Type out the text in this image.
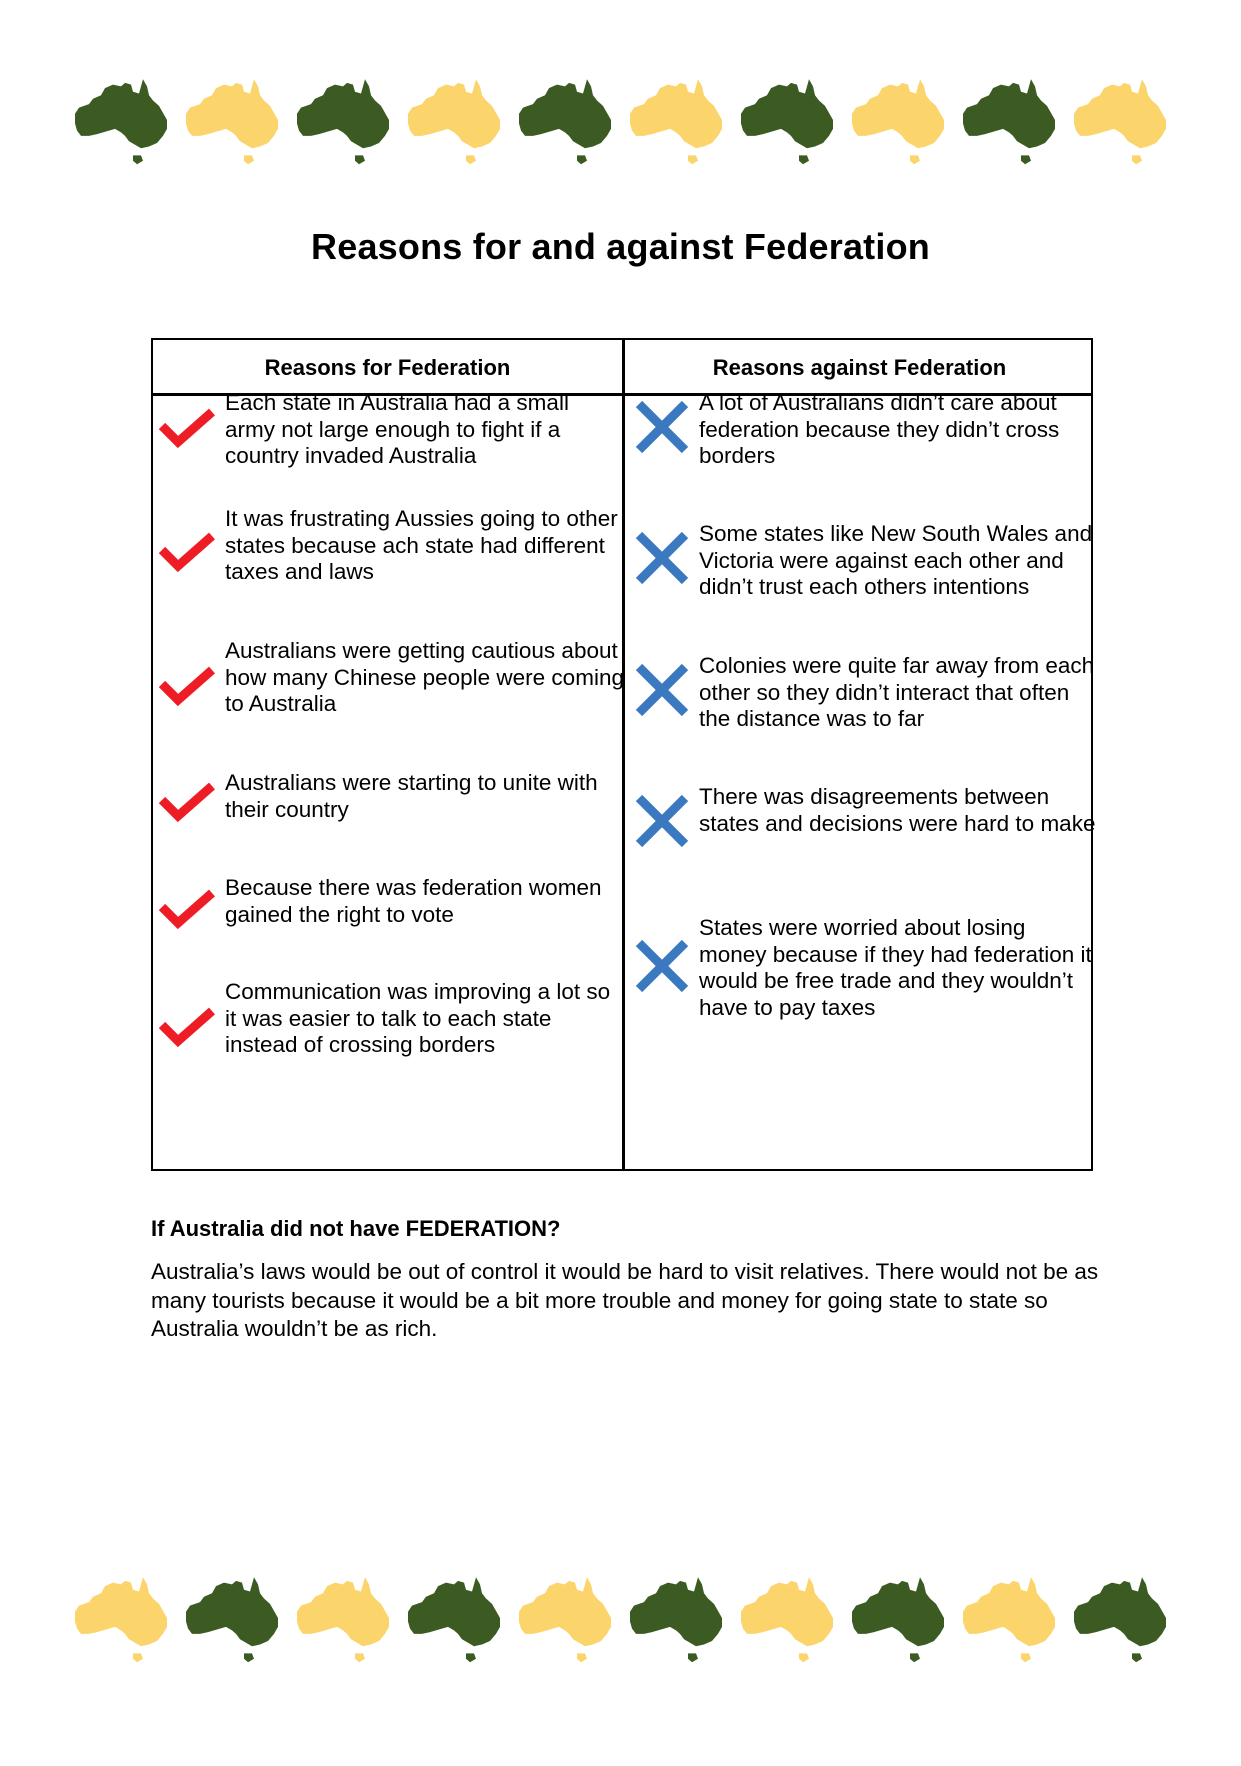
Reasons for and against Federation
Reasons for Federation	Reasons against Federation
Each state in Australia had a small army not large enough to fight if a country invaded Australia
It was frustrating Aussies going to other states because ach state had different taxes and laws
Australians were getting cautious about how many Chinese people were coming to Australia
Australians were starting to unite with their country
Because there was federation women gained the right to vote
Communication was improving a lot so it was easier to talk to each state instead of crossing borders
A lot of Australians didn’t care about federation because they didn’t cross borders
Some states like New South Wales and Victoria were against each other and didn’t trust each others intentions
Colonies were quite far away from each other so they didn’t interact that often the distance was to far
There was disagreements between states and decisions were hard to make
States were worried about losing money because if they had federation it would be free trade and they wouldn’t have to pay taxes
If Australia did not have FEDERATION?
Australia’s laws would be out of control it would be hard to visit relatives. There would not be as many tourists because it would be a bit more trouble and money for going state to state so Australia wouldn’t be as rich.
